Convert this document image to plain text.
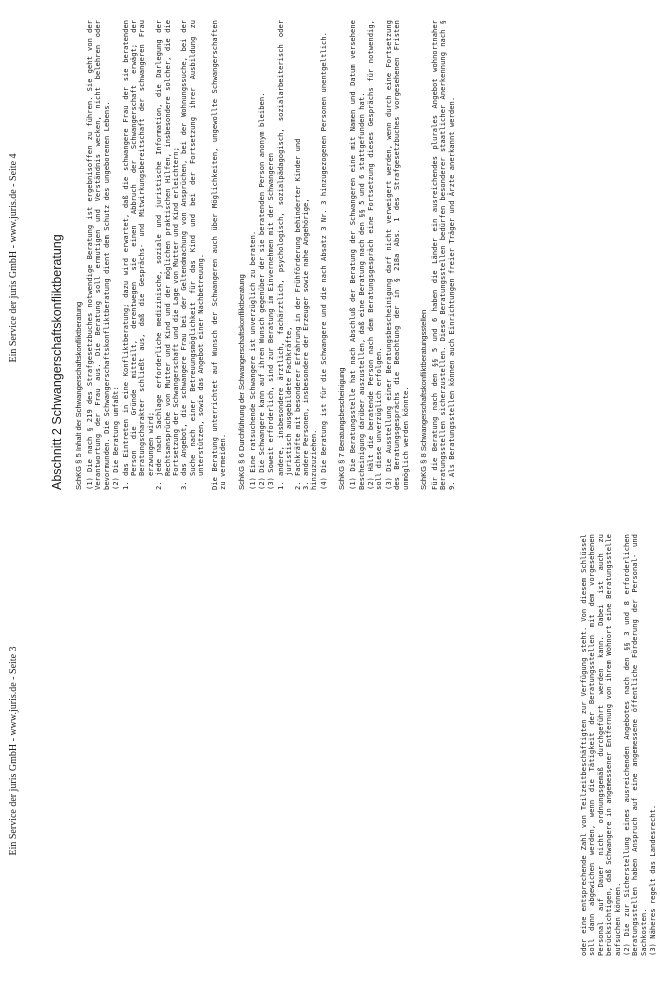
Ein Service der juris GmbH - www.juris.de - Seite 3	oder eine entsprechende Zahl von Teilzeitbeschäftigten zur Verfügung steht. Von diesem Schlüssel soll dann abgewichen werden, wenn die Tätigkeit der Beratungsstellen mit dem vorgesehenen Personal auf Dauer nicht ordnungsgemäß durchgeführt werden kann. Dabei ist auch zu berücksichtigen, daß Schwangere in angemessener Entfernung von ihrem Wohnort eine Beratungsstelle aufsuchen können. (2) Die zur Sicherstellung eines ausreichenden Angebotes nach den §§ 3 und 8 erforderlichen Beratungsstellen haben Anspruch auf eine angemessene öffentliche Förderung der Personal- und Sachkosten. (3) Näheres regelt das Landesrecht.

Ein Service der juris GmbH - www.juris.de - Seite 4 Abschnitt 2 Schwangerschaftskonfliktberatung SchKG § 5 Inhalt der Schwangerschaftskonfliktberatung (1) Die nach § 219 des Strafgesetzbuches notwendige Beratung ist ergebnisoffen zu führen. Sie geht von der Verantwortung der Frau aus. Die Beratung soll ermutigen und Verständnis wecken, nicht belehren oder bevormunden. Die Schwangerschaftskonfliktberatung dient dem Schutz des ungeborenen Lebens. (2) Die Beratung umfaßt: 1.
das Eintreten in eine Konfliktberatung; dazu wird erwartet, daß die schwangere Frau der sie beratenden Person die Gründe mitteilt, derentwegen sie einen Abbruch der Schwangerschaft erwägt; der Beratungscharakter schließt aus, daß die Gesprächs- und Mitwirkungsbereitschaft der schwangeren Frau erzwungen wird;
2.
jede nach Sachlage erforderliche medizinische, soziale und juristische Information, die Darlegung der Rechtsansprüche von Mutter und Kind und der möglichen praktischen Hilfen, insbesondere solcher, die die Fortsetzung der Schwangerschaft und die Lage von Mutter und Kind erleichtern;
3.
das Angebot, die schwangere Frau bei der Geltendmachung von Ansprüchen, bei der Wohnungssuche, bei der Suche nach einer Betreuungsmöglichkeit für das Kind und bei der Fortsetzung ihrer Ausbildung zu unterstützen, sowie das Angebot einer Nachbetreuung. Die Beratung unterrichtet auf Wunsch der Schwangeren auch über Möglichkeiten, ungewollte Schwangerschaften zu vermeiden. SchKG § 6 Durchführung der Schwangerschaftskonfliktberatung (1) Eine ratsuchende Schwangere ist unverzüglich zu beraten. (2) Die Schwangere kann auf ihren Wunsch gegenüber der sie beratenden Person anonym bleiben. (3) Soweit erforderlich, sind zur Beratung im Einvernehmen mit der Schwangeren 1.
andere, insbesondere ärztlich, fachärztlich, psychologisch, sozialpädagogisch, sozialarbeiterisch oder juristisch ausgebildete Fachkräfte,
2.
Fachkräfte mit besonderer Erfahrung in der Frühförderung behinderter Kinder und
3.
andere Personen, insbesondere der Erzeuger sowie nahe Angehörige, hinzuzuziehen. (4) Die Beratung ist für die Schwangere und die nach Absatz 3 Nr. 3 hinzugezogenen Personen unentgeltlich. SchKG § 7 Beratungsbescheinigung (1) Die Beratungsstelle hat nach Abschluß der Beratung der Schwangeren eine mit Namen und Datum versehene Bescheinigung darüber auszustellen, daß eine Beratung nach den §§ 5 und 6 stattgefunden hat. (2) Hält die beratende Person nach dem Beratungsgespräch eine Fortsetzung dieses Gesprächs für notwendig, soll diese unverzüglich erfolgen. (3) Die Ausstellung einer Beratungsbescheinigung darf nicht verweigert werden, wenn durch eine Fortsetzung des Beratungsgesprächs die Beachtung der in § 218a Abs. 1 des Strafgesetzbuches vorgesehenen Fristen unmöglich werden könnte. SchKG § 8 Schwangerschaftskonfliktberatungsstellen Für die Beratung nach den §§ 5 und 6 haben die Länder ein ausreichendes plurales Angebot wohnortnaher Beratungsstellen sicherzustellen. Diese Beratungsstellen bedürfen besonderer staatlicher Anerkennung nach § 9. Als Beratungsstellen können auch Einrichtungen freier Träger und Ärzte anerkannt werden.
